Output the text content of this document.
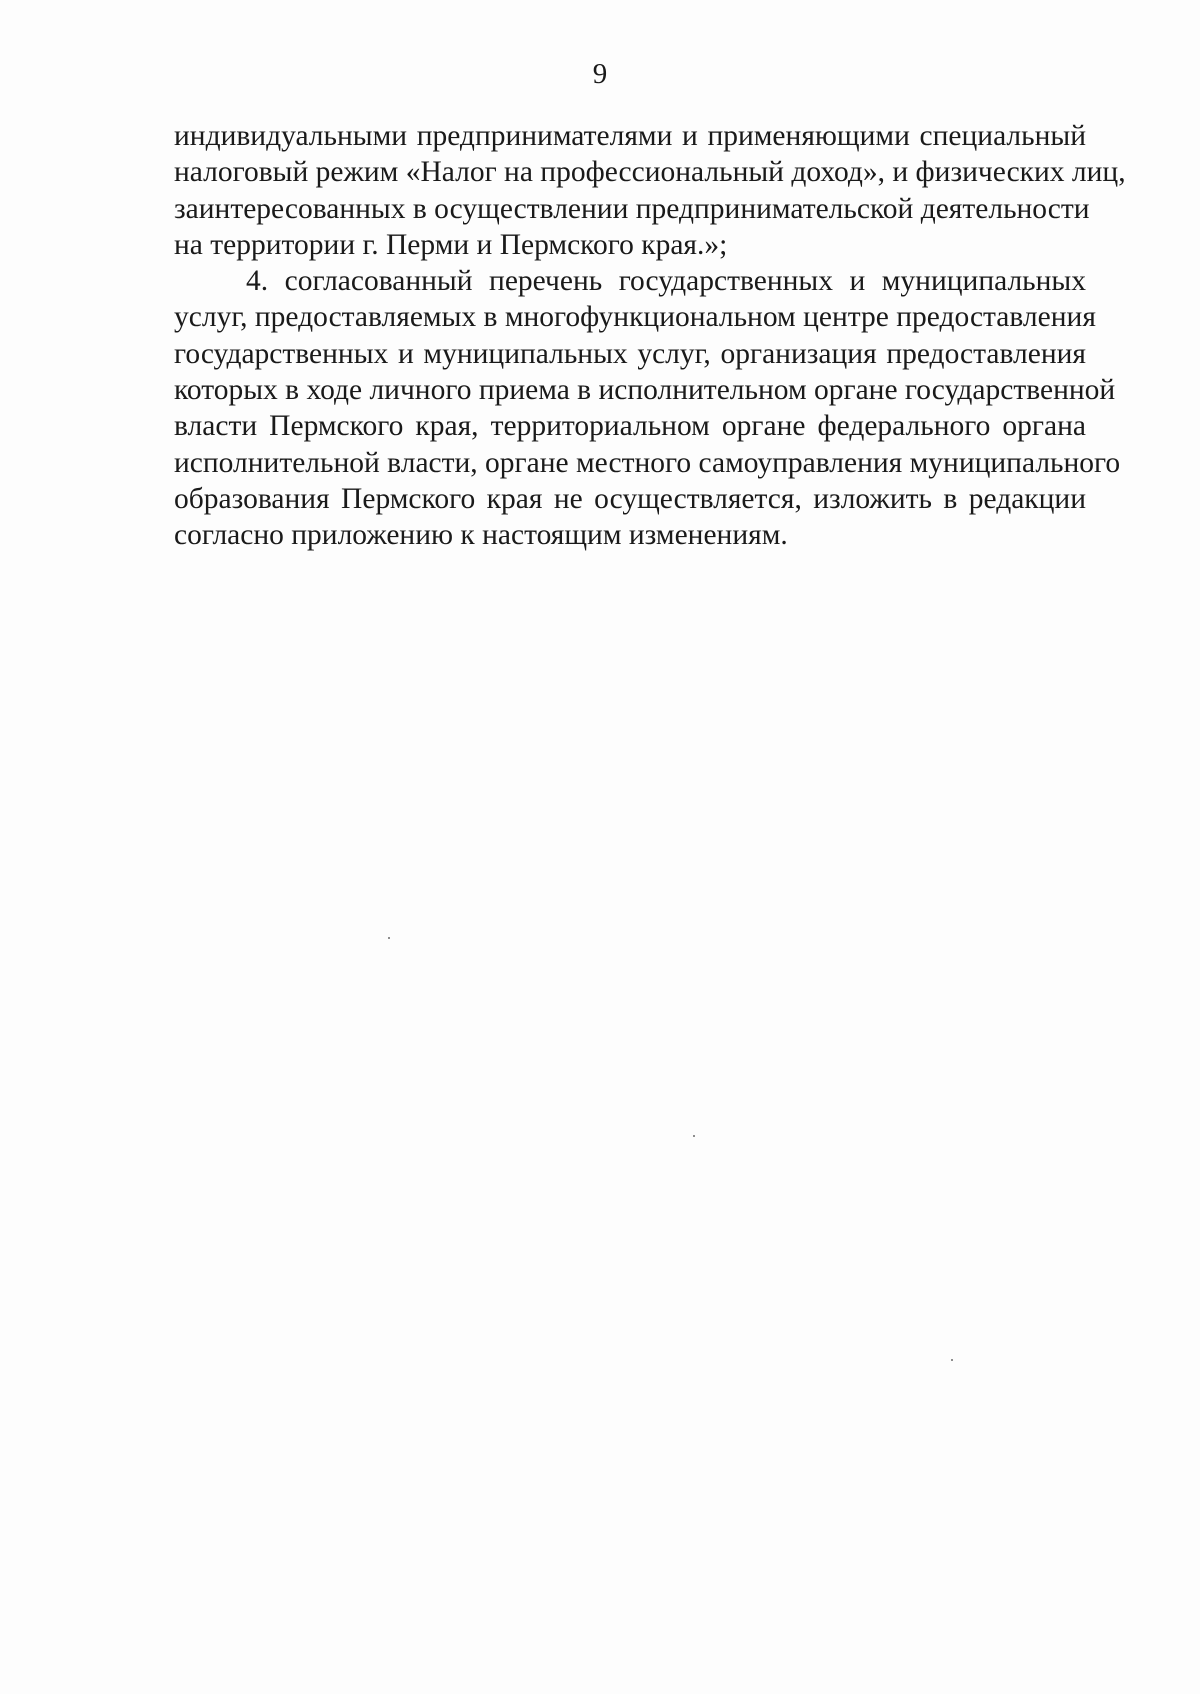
9

индивидуальными предпринимателями и применяющими специальный
налоговый режим «Налог на профессиональный доход», и физических лиц,
заинтересованных в осуществлении предпринимательской деятельности
на территории г. Перми и Пермского края.»;

4. согласованный перечень государственных и муниципальных
услуг, предоставляемых в многофункциональном центре предоставления
государственных и муниципальных услуг, организация предоставления
которых в ходе личного приема в исполнительном органе государственной
власти Пермского края, территориальном органе федерального органа
исполнительной власти, органе местного самоуправления муниципального
образования Пермского края не осуществляется, изложить в редакции
согласно приложению к настоящим изменениям.
